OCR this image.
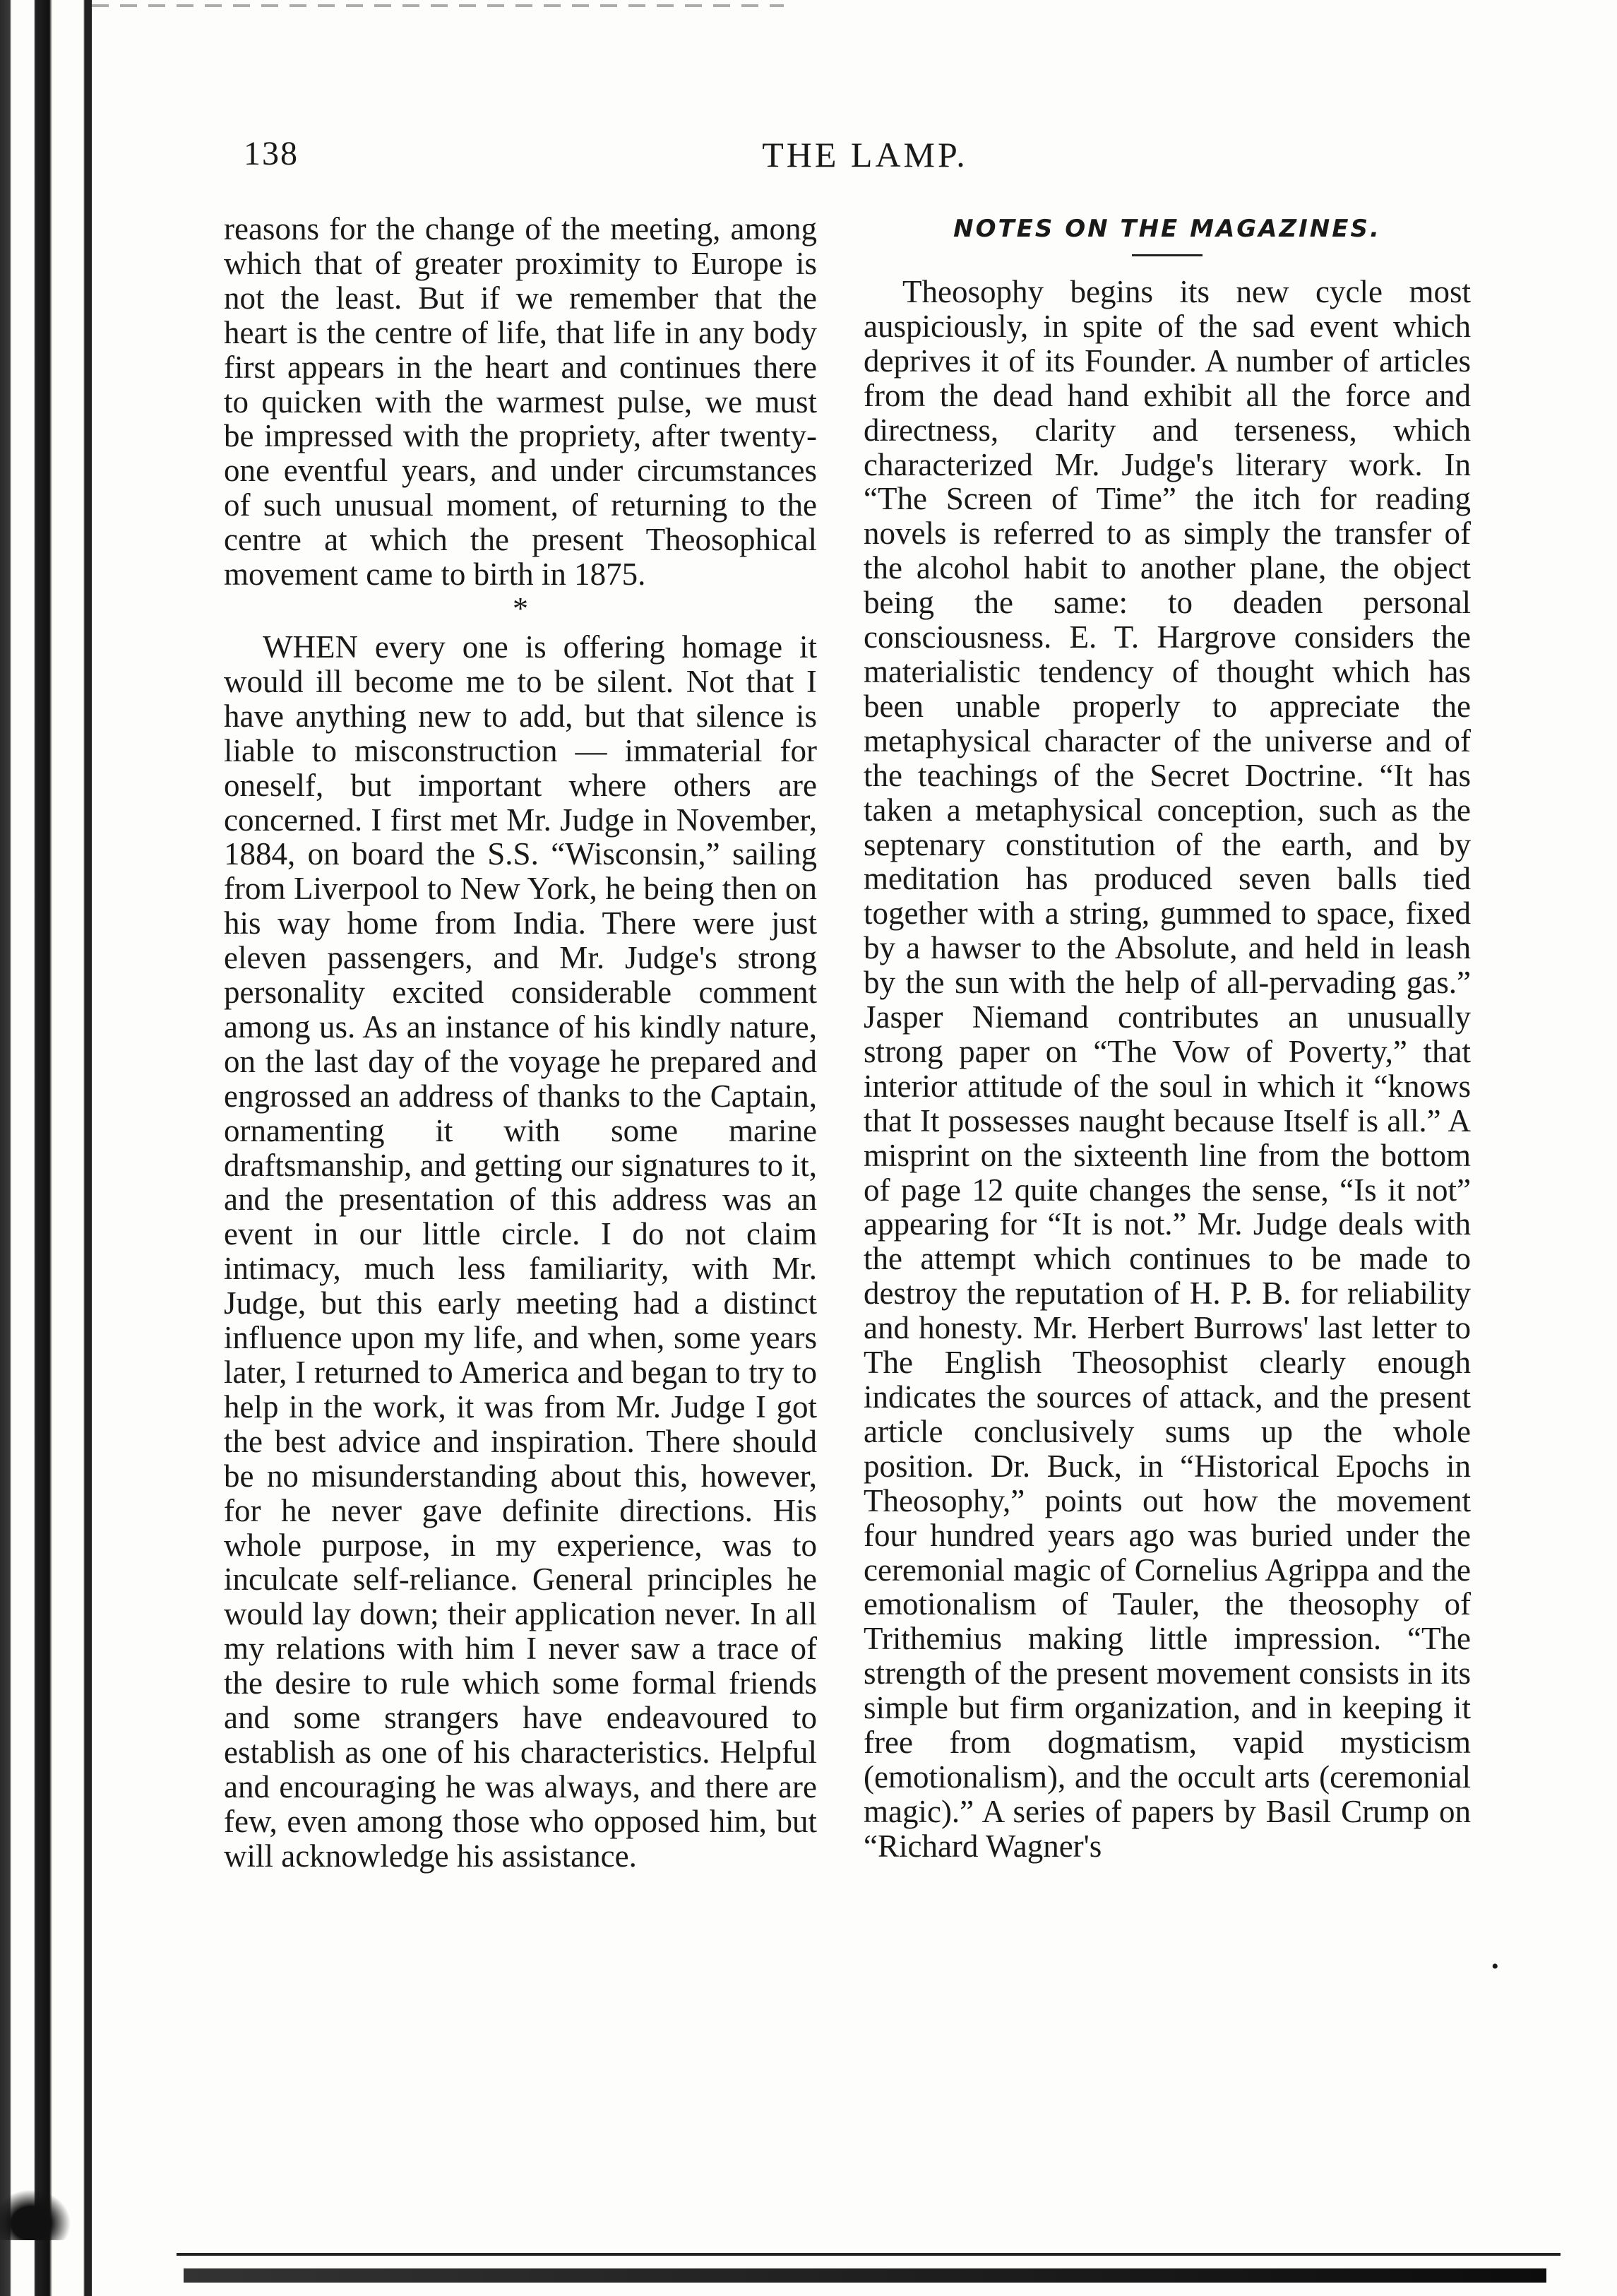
138	THE LAMP.

reasons for the change of the meeting, among which that of greater proximity to Europe is not the least. But if we remember that the heart is the centre of life, that life in any body first appears in the heart and continues there to quicken with the warmest pulse, we must be impressed with the propriety, after twenty-one eventful years, and under circumstances of such unusual moment, of returning to the centre at which the present Theosophical movement came to birth in 1875.

*

WHEN every one is offering homage it would ill become me to be silent. Not that I have anything new to add, but that silence is liable to misconstruction — immaterial for oneself, but important where others are concerned. I first met Mr. Judge in November, 1884, on board the S.S. “Wisconsin,” sailing from Liverpool to New York, he being then on his way home from India. There were just eleven passengers, and Mr. Judge's strong personality excited considerable comment among us. As an instance of his kindly nature, on the last day of the voyage he prepared and engrossed an address of thanks to the Captain, ornamenting it with some marine draftsmanship, and getting our signatures to it, and the presentation of this address was an event in our little circle. I do not claim intimacy, much less familiarity, with Mr. Judge, but this early meeting had a distinct influence upon my life, and when, some years later, I returned to America and began to try to help in the work, it was from Mr. Judge I got the best advice and inspiration. There should be no misunderstanding about this, however, for he never gave definite directions. His whole purpose, in my experience, was to inculcate self-reliance. General principles he would lay down; their application never. In all my relations with him I never saw a trace of the desire to rule which some formal friends and some strangers have endeavoured to establish as one of his characteristics. Helpful and encouraging he was always, and there are few, even among those who opposed him, but will acknowledge his assistance.

NOTES ON THE MAGAZINES.

Theosophy begins its new cycle most auspiciously, in spite of the sad event which deprives it of its Founder. A number of articles from the dead hand exhibit all the force and directness, clarity and terseness, which characterized Mr. Judge's literary work. In “The Screen of Time” the itch for reading novels is referred to as simply the transfer of the alcohol habit to another plane, the object being the same: to deaden personal consciousness. E. T. Hargrove considers the materialistic tendency of thought which has been unable properly to appreciate the metaphysical character of the universe and of the teachings of the Secret Doctrine. “It has taken a metaphysical conception, such as the septenary constitution of the earth, and by meditation has produced seven balls tied together with a string, gummed to space, fixed by a hawser to the Absolute, and held in leash by the sun with the help of all-pervading gas.” Jasper Niemand contributes an unusually strong paper on “The Vow of Poverty,” that interior attitude of the soul in which it “knows that It possesses naught because Itself is all.” A misprint on the sixteenth line from the bottom of page 12 quite changes the sense, “Is it not” appearing for “It is not.” Mr. Judge deals with the attempt which continues to be made to destroy the reputation of H. P. B. for reliability and honesty. Mr. Herbert Burrows' last letter to The English Theosophist clearly enough indicates the sources of attack, and the present article conclusively sums up the whole position. Dr. Buck, in “Historical Epochs in Theosophy,” points out how the movement four hundred years ago was buried under the ceremonial magic of Cornelius Agrippa and the emotionalism of Tauler, the theosophy of Trithemius making little impression. “The strength of the present movement consists in its simple but firm organization, and in keeping it free from dogmatism, vapid mysticism (emotionalism), and the occult arts (ceremonial magic).” A series of papers by Basil Crump on “Richard Wagner's

•
